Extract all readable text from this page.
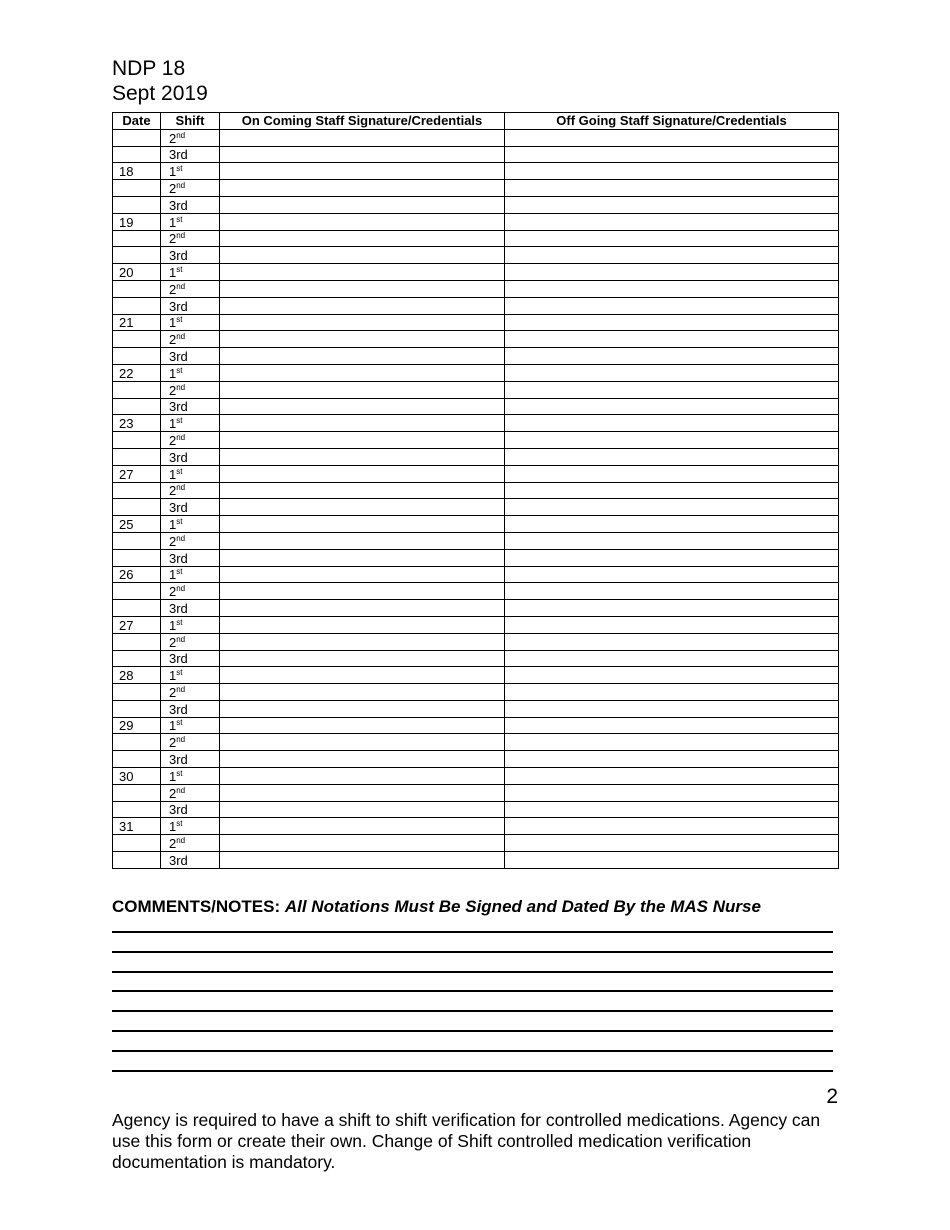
NDP 18
Sept 2019
Date	Shift	On Coming Staff Signature/Credentials	Off Going Staff Signature/Credentials
	2nd		
	3rd		
18	1st		
	2nd		
	3rd		
19	1st		
	2nd		
	3rd		
20	1st		
	2nd		
	3rd		
21	1st		
	2nd		
	3rd		
22	1st		
	2nd		
	3rd		
23	1st		
	2nd		
	3rd		
27	1st		
	2nd		
	3rd		
25	1st		
	2nd		
	3rd		
26	1st		
	2nd		
	3rd		
27	1st		
	2nd		
	3rd		
28	1st		
	2nd		
	3rd		
29	1st		
	2nd		
	3rd		
30	1st		
	2nd		
	3rd		
31	1st		
	2nd		
	3rd		
COMMENTS/NOTES: All Notations Must Be Signed and Dated By the MAS Nurse
2
Agency is required to have a shift to shift verification for controlled medications. Agency can use this form or create their own. Change of Shift controlled medication verification documentation is mandatory.
